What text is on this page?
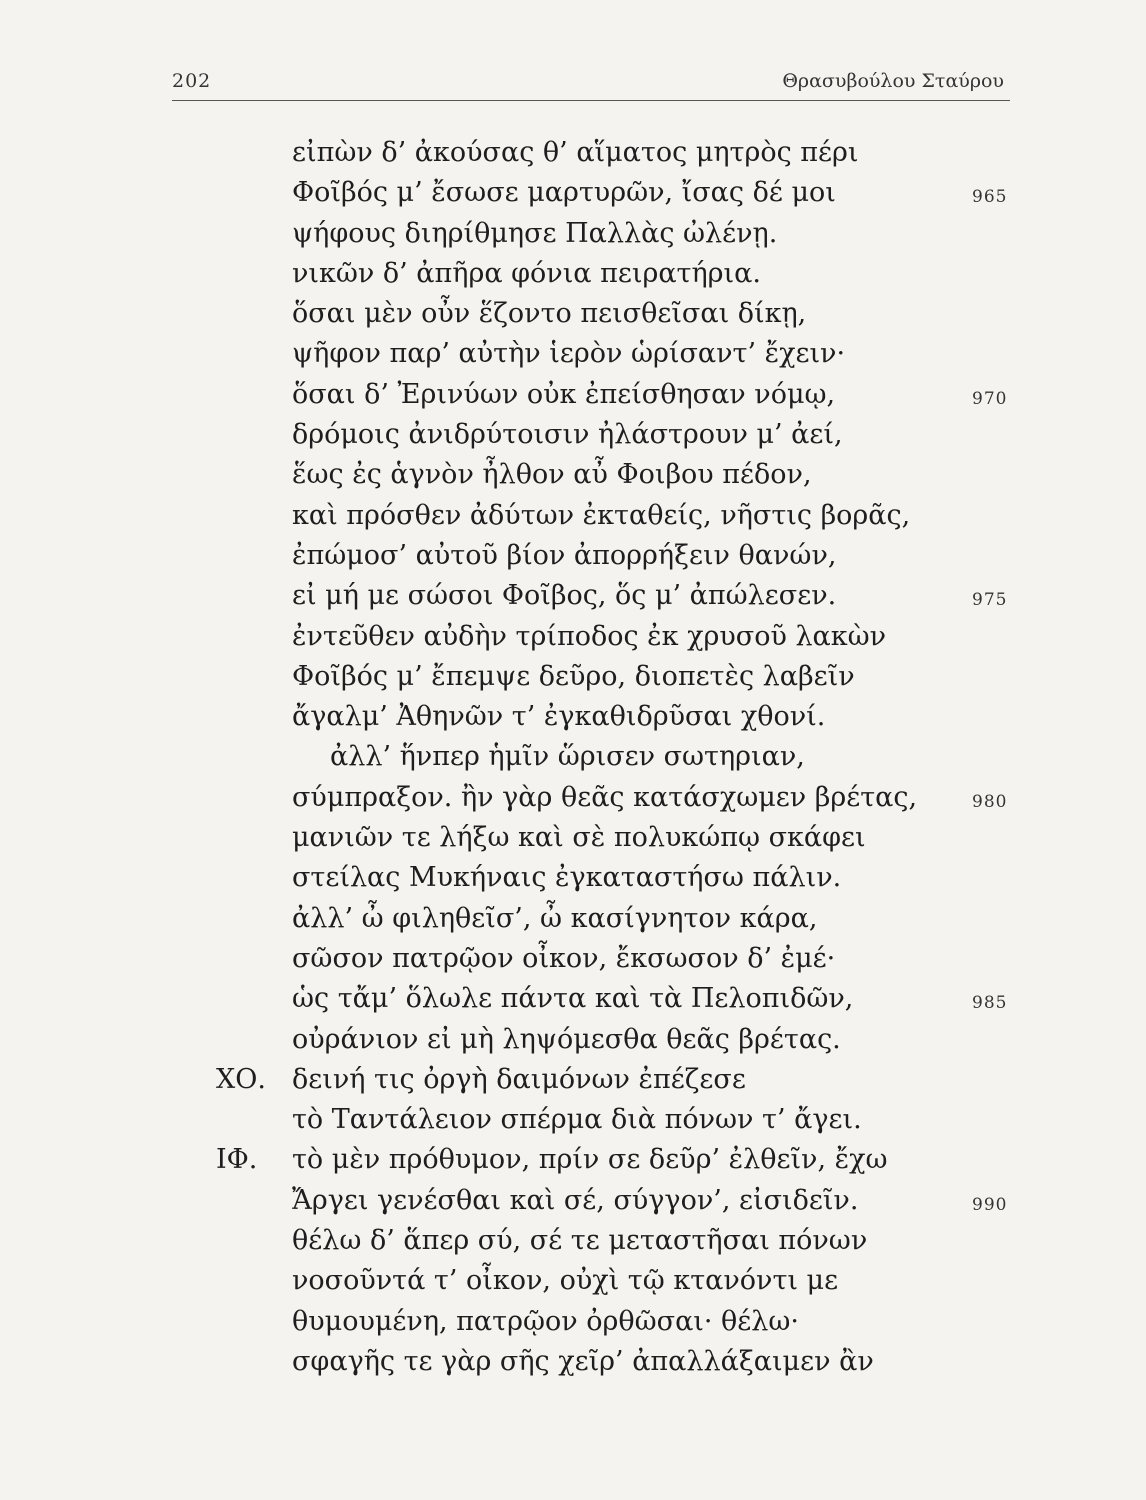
202	Θρασυβούλου Σταύρου
εἰπὼν δ’ ἀκούσας θ’ αἵματος μητρὸς πέρι
Φοῖβός μ’ ἔσωσε μαρτυρῶν, ἴσας δέ μοι	965
ψήφους διηρίθμησε Παλλὰς ὠλένῃ.
νικῶν δ’ ἀπῆρα φόνια πειρατήρια.
ὅσαι μὲν οὖν ἕζοντο πεισθεῖσαι δίκῃ,
ψῆφον παρ’ αὐτὴν ἱερὸν ὡρίσαντ’ ἔχειν·
ὅσαι δ’ Ἐρινύων οὐκ ἐπείσθησαν νόμῳ,	970
δρόμοις ἀνιδρύτοισιν ἠλάστρουν μ’ ἀεί,
ἕως ἐς ἁγνὸν ἦλθον αὖ Φοιβου πέδον,
καὶ πρόσθεν ἀδύτων ἐκταθείς, νῆστις βορᾶς,
ἐπώμοσ’ αὐτοῦ βίον ἀπορρήξειν θανών,
εἰ μή με σώσοι Φοῖβος, ὅς μ’ ἀπώλεσεν.	975
ἐντεῦθεν αὐδὴν τρίποδος ἐκ χρυσοῦ λακὼν
Φοῖβός μ’ ἔπεμψε δεῦρο, διοπετὲς λαβεῖν
ἄγαλμ’ Ἀθηνῶν τ’ ἐγκαθιδρῦσαι χθονί.
ἀλλ’ ἥνπερ ἡμῖν ὥρισεν σωτηριαν,
σύμπραξον. ἢν γὰρ θεᾶς κατάσχωμεν βρέτας,	980
μανιῶν τε λήξω καὶ σὲ πολυκώπῳ σκάφει
στείλας Μυκήναις ἐγκαταστήσω πάλιν.
ἀλλ’ ὦ φιληθεῖσ’, ὦ κασίγνητον κάρα,
σῶσον πατρῷον οἶκον, ἔκσωσον δ’ ἐμέ·
ὡς τἄμ’ ὅλωλε πάντα καὶ τὰ Πελοπιδῶν,	985
οὐράνιον εἰ μὴ ληψόμεσθα θεᾶς βρέτας.
ΧΟ. δεινή τις ὀργὴ δαιμόνων ἐπέζεσε
τὸ Ταντάλειον σπέρμα διὰ πόνων τ’ ἄγει.
ΙΦ. τὸ μὲν πρόθυμον, πρίν σε δεῦρ’ ἐλθεῖν, ἔχω
Ἄργει γενέσθαι καὶ σέ, σύγγον’, εἰσιδεῖν.	990
θέλω δ’ ἅπερ σύ, σέ τε μεταστῆσαι πόνων
νοσοῦντά τ’ οἶκον, οὐχὶ τῷ κτανόντι με
θυμουμένη, πατρῷον ὀρθῶσαι· θέλω·
σφαγῆς τε γὰρ σῆς χεῖρ’ ἀπαλλάξαιμεν ἂν
